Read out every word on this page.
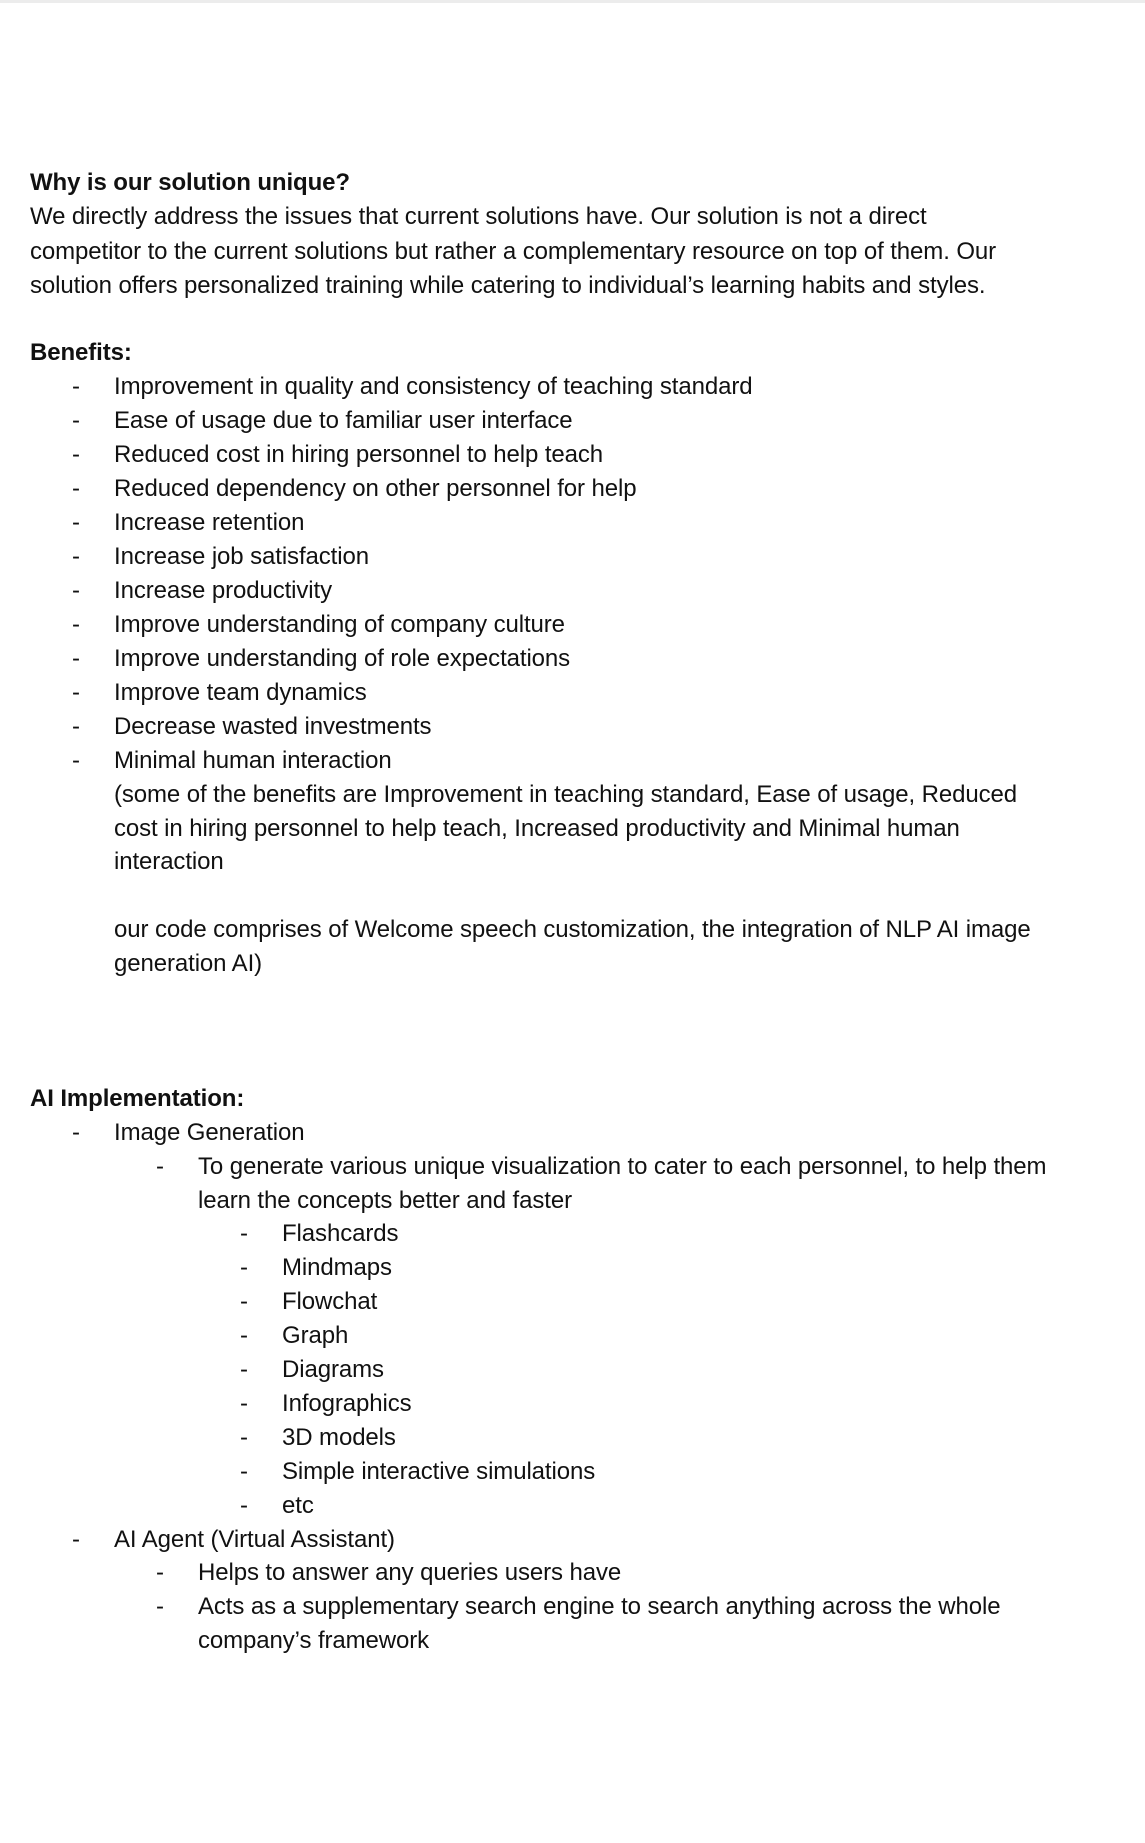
Why is our solution unique?
We directly address the issues that current solutions have. Our solution is not a direct
competitor to the current solutions but rather a complementary resource on top of them. Our
solution offers personalized training while catering to individual’s learning habits and styles.
Benefits:
- Improvement in quality and consistency of teaching standard
- Ease of usage due to familiar user interface
- Reduced cost in hiring personnel to help teach
- Reduced dependency on other personnel for help
- Increase retention
- Increase job satisfaction
- Increase productivity
- Improve understanding of company culture
- Improve understanding of role expectations
- Improve team dynamics
- Decrease wasted investments
- Minimal human interaction
(some of the benefits are Improvement in teaching standard, Ease of usage, Reduced
cost in hiring personnel to help teach, Increased productivity and Minimal human
interaction
our code comprises of Welcome speech customization, the integration of NLP AI image
generation AI)
AI Implementation:
- Image Generation
- To generate various unique visualization to cater to each personnel, to help them
learn the concepts better and faster
- Flashcards
- Mindmaps
- Flowchat
- Graph
- Diagrams
- Infographics
- 3D models
- Simple interactive simulations
- etc
- AI Agent (Virtual Assistant)
- Helps to answer any queries users have
- Acts as a supplementary search engine to search anything across the whole
company’s framework
